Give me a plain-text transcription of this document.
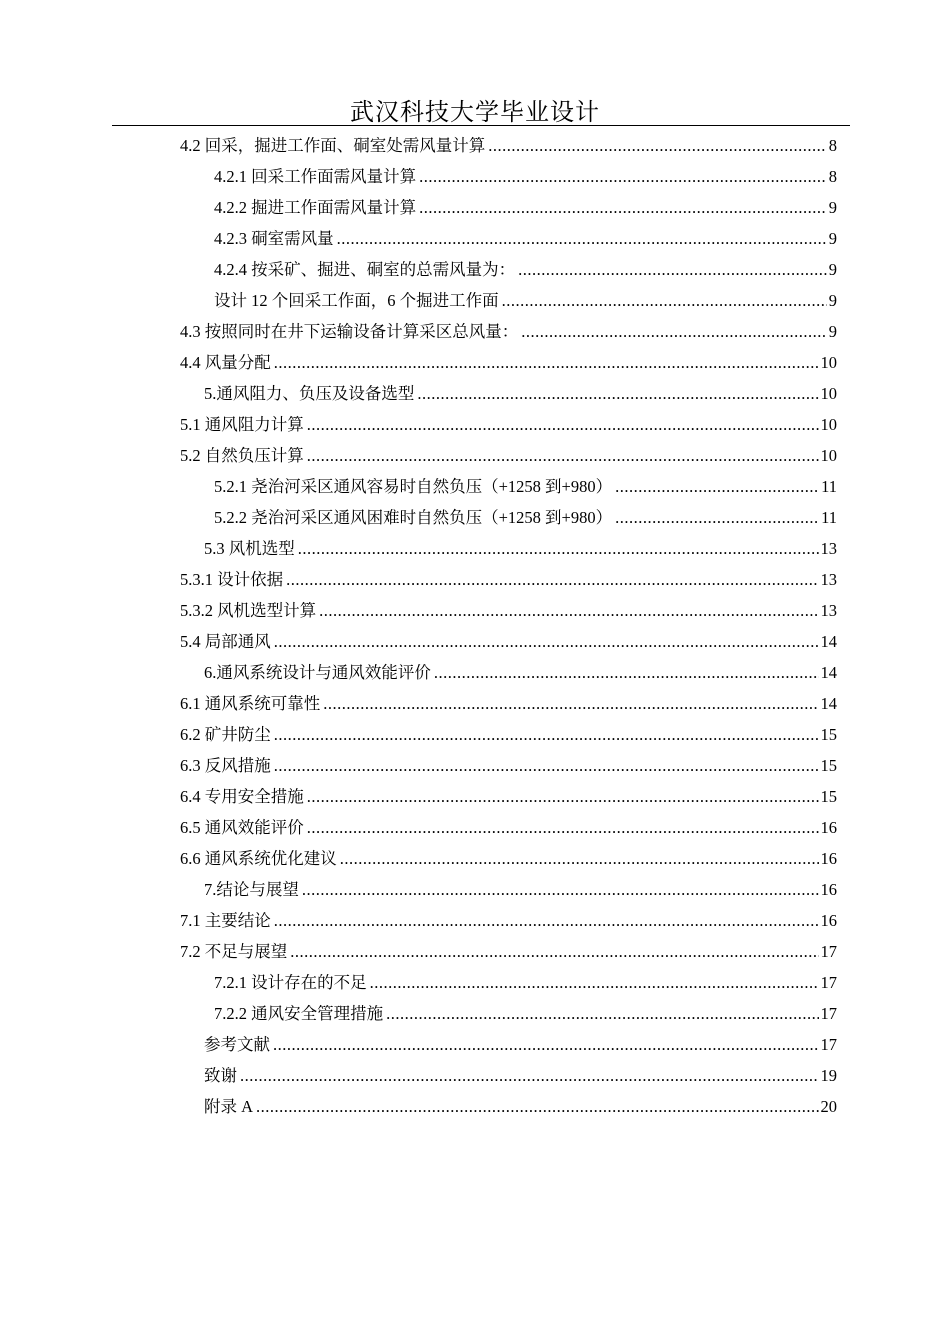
武汉科技大学毕业设计
4.2 回采，掘进工作面、硐室处需风量计算 .....	8
4.2.1 回采工作面需风量计算 .....	8
4.2.2 掘进工作面需风量计算 .....	9
4.2.3 硐室需风量 .....	9
4.2.4 按采矿、掘进、硐室的总需风量为： .....	9
设计 12 个回采工作面，6 个掘进工作面 .....	9
4.3 按照同时在井下运输设备计算采区总风量： .....	9
4.4 风量分配 .....	10
5.通风阻力、负压及设备选型 .....	10
5.1 通风阻力计算 .....	10
5.2 自然负压计算 .....	10
5.2.1 尧治河采区通风容易时自然负压（+1258 到+980） .....	11
5.2.2 尧治河采区通风困难时自然负压（+1258 到+980） .....	11
5.3 风机选型 .....	13
5.3.1 设计依据 .....	13
5.3.2 风机选型计算 .....	13
5.4 局部通风 .....	14
6.通风系统设计与通风效能评价 .....	14
6.1 通风系统可靠性 .....	14
6.2 矿井防尘 .....	15
6.3 反风措施 .....	15
6.4 专用安全措施 .....	15
6.5 通风效能评价 .....	16
6.6 通风系统优化建议 .....	16
7.结论与展望 .....	16
7.1 主要结论 .....	16
7.2 不足与展望 .....	17
7.2.1 设计存在的不足 .....	17
7.2.2 通风安全管理措施 .....	17
参考文献 .....	17
致谢 .....	19
附录 A .....	20
